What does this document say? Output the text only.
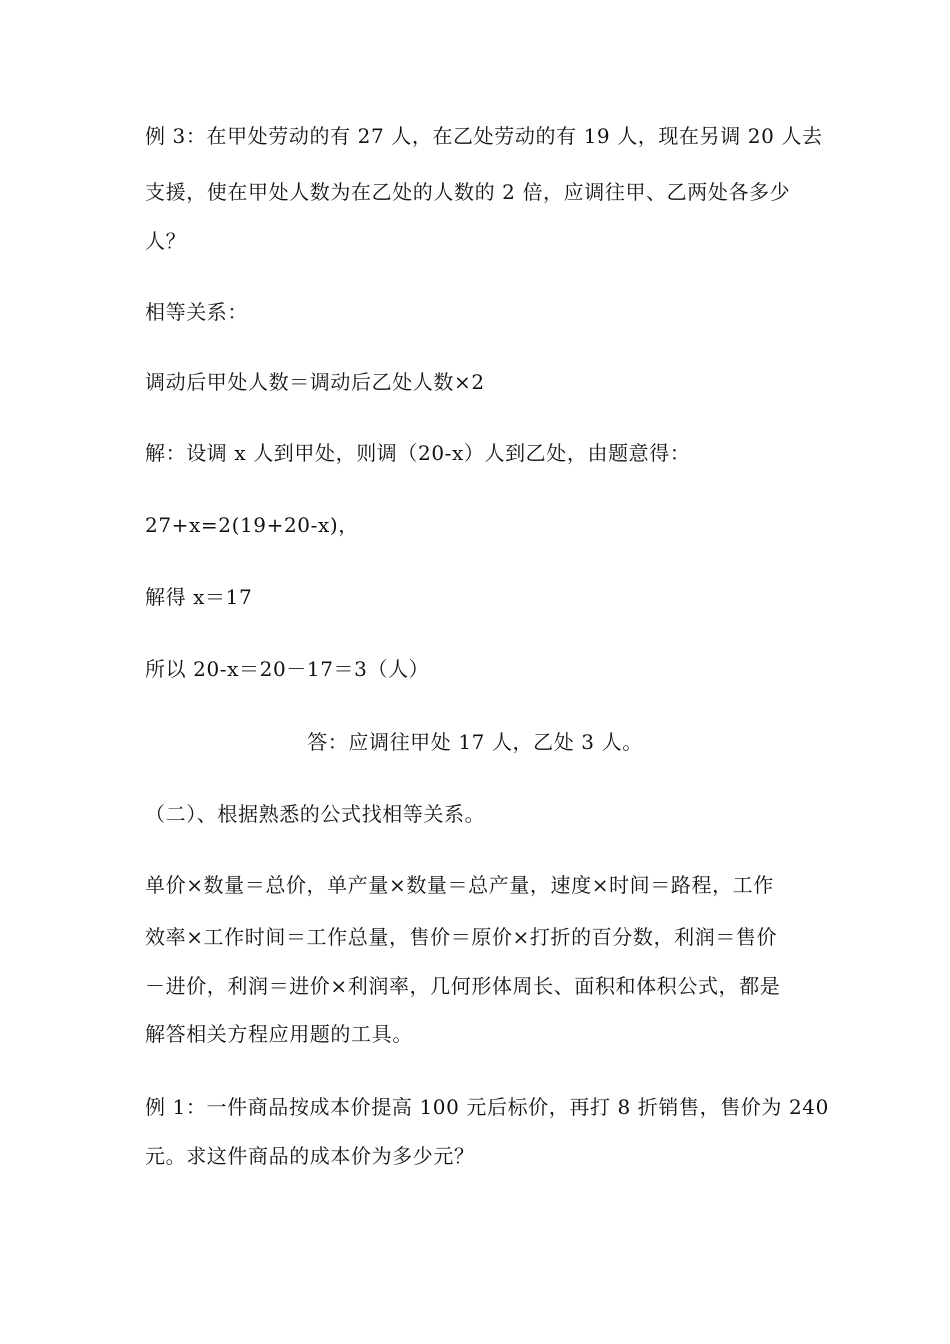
例 3：在甲处劳动的有 27 人，在乙处劳动的有 19 人，现在另调 20 人去
支援，使在甲处人数为在乙处的人数的 2 倍，应调往甲、乙两处各多少
人？
相等关系：
调动后甲处人数＝调动后乙处人数×2
解：设调 x 人到甲处，则调（20-x）人到乙处，由题意得：
27+x=2(19+20-x)，
解得 x＝17
所以 20-x＝20－17＝3（人）
答：应调往甲处 17 人，乙处 3 人。
（二）、根据熟悉的公式找相等关系。
单价×数量＝总价，单产量×数量＝总产量，速度×时间＝路程，工作
效率×工作时间＝工作总量，售价＝原价×打折的百分数，利润＝售价
－进价，利润＝进价×利润率，几何形体周长、面积和体积公式，都是
解答相关方程应用题的工具。
例 1：一件商品按成本价提高 100 元后标价，再打 8 折销售，售价为 240
元。求这件商品的成本价为多少元？
